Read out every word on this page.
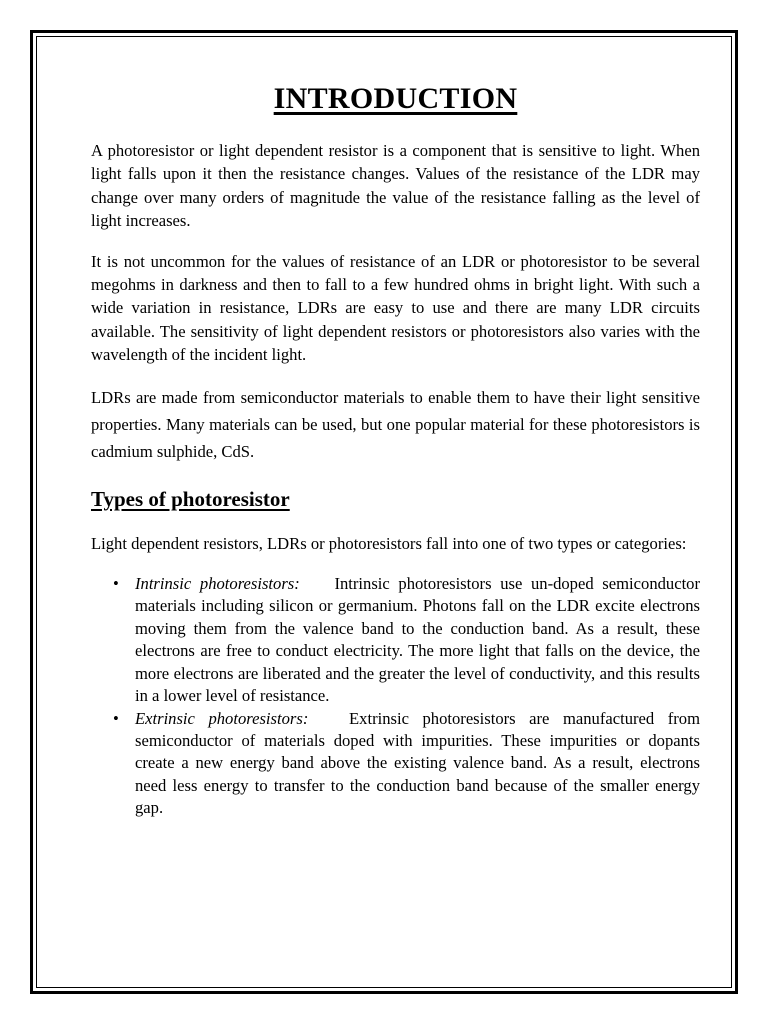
INTRODUCTION

A photoresistor or light dependent resistor is a component that is sensitive to light. When light falls upon it then the resistance changes. Values of the resistance of the LDR may change over many orders of magnitude the value of the resistance falling as the level of light increases.

It is not uncommon for the values of resistance of an LDR or photoresistor to be several megohms in darkness and then to fall to a few hundred ohms in bright light. With such a wide variation in resistance, LDRs are easy to use and there are many LDR circuits available. The sensitivity of light dependent resistors or photoresistors also varies with the wavelength of the incident light.

LDRs are made from semiconductor materials to enable them to have their light sensitive properties. Many materials can be used, but one popular material for these photoresistors is cadmium sulphide, CdS.

Types of photoresistor

Light dependent resistors, LDRs or photoresistors fall into one of two types or categories:

• Intrinsic photoresistors: Intrinsic photoresistors use un-doped semiconductor materials including silicon or germanium. Photons fall on the LDR excite electrons moving them from the valence band to the conduction band. As a result, these electrons are free to conduct electricity. The more light that falls on the device, the more electrons are liberated and the greater the level of conductivity, and this results in a lower level of resistance.
• Extrinsic photoresistors: Extrinsic photoresistors are manufactured from semiconductor of materials doped with impurities. These impurities or dopants create a new energy band above the existing valence band. As a result, electrons need less energy to transfer to the conduction band because of the smaller energy gap.
